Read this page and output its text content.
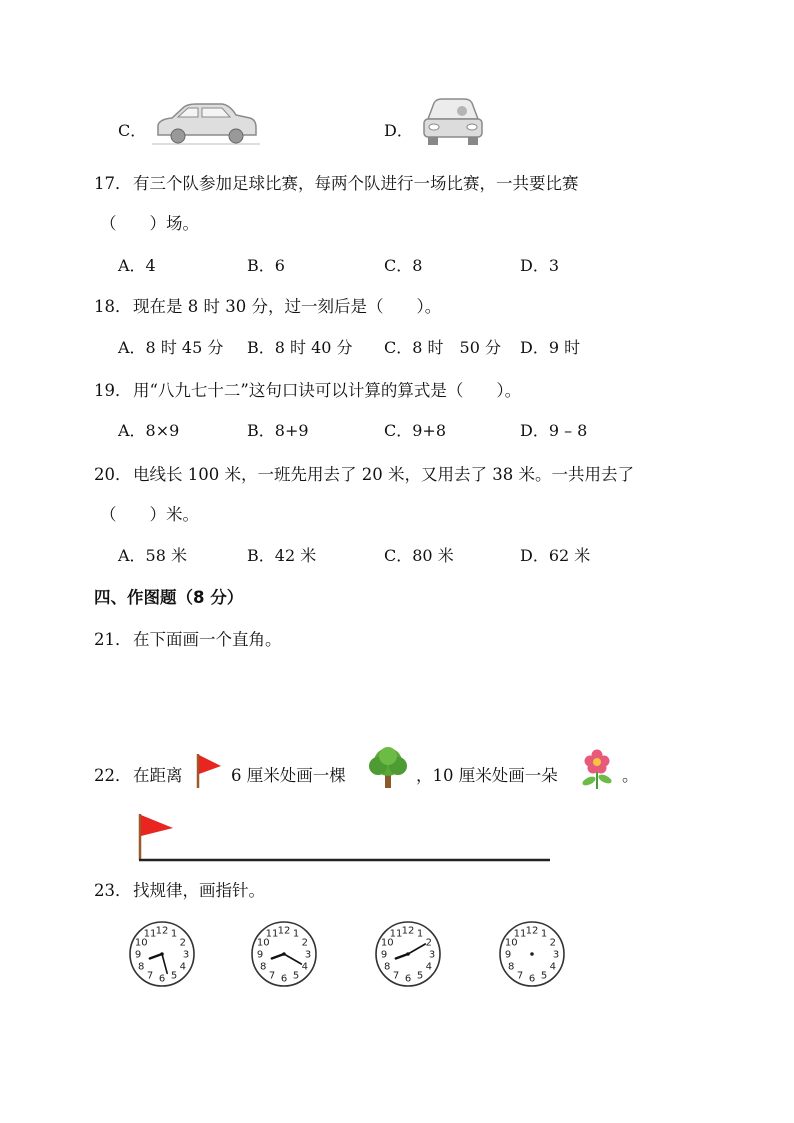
C．	D．
17． 有三个队参加足球比赛，每两个队进行一场比赛，一共要比赛
（　　）场。
A．4	B．6	C．8	D．3
18． 现在是 8 时 30 分，过一刻后是（　　）。
A．8 时 45 分 B．8 时 40 分 C．8 时　50 分 D．9 时
19． 用“八九七十二”这句口诀可以计算的算式是（　　）。
A．8×9	B．8+9	C．9+8	D．9 – 8
20． 电线长 100 米，一班先用去了 20 米，又用去了 38 米。一共用去了
（　　）米。
A．58 米	B．42 米	C．80 米	D．62 米
四、作图题（8 分）
21． 在下面画一个直角。
22． 在距离	6 厘米处画一棵	，10 厘米处画一朵	。
23． 找规律，画指针。
1
2
3
4
5
6
7
8
9
10
11 12	1
2
3
4
5
6
7
8
9
10
11 12	1
2
3
4
5
6
7
8
9
10
11 12	1
2
3
4
5
6
7
8
9
10
11 12
